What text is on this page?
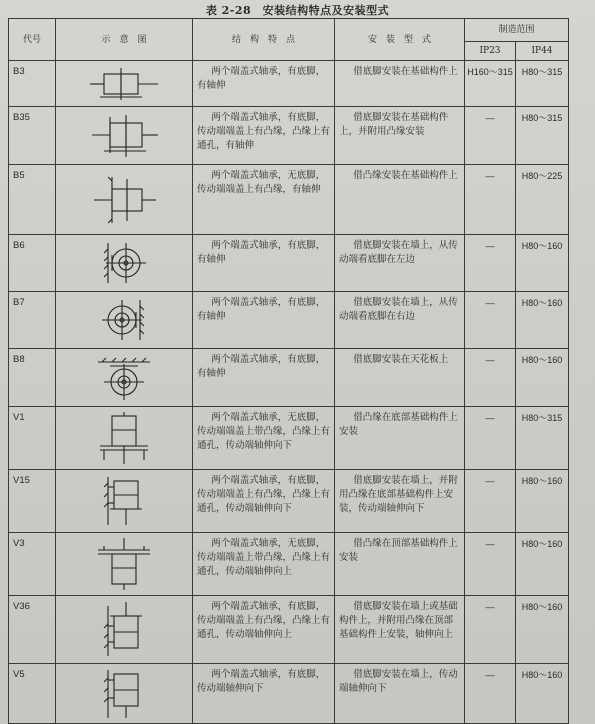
表 2-28　安装结构特点及安装型式
代号	示　意　图	结　构　特　点	安　装　型　式	制造范围	
				IP23	IP44
B3		两个端盖式轴承，有底脚，有轴伸	借底脚安装在基础构件上	H160～315	H80～315
B35		两个端盖式轴承，有底脚，传动端端盖上有凸缘，凸缘上有通孔，有轴伸	借底脚安装在基础构件上，并附用凸缘安装	—	H80～315
B5		两个端盖式轴承，无底脚，传动端端盖上有凸缘，有轴伸	借凸缘安装在基础构件上	—	H80～225
B6		两个端盖式轴承，有底脚，有轴伸	借底脚安装在墙上，从传动端看底脚在左边	—	H80～160
B7		两个端盖式轴承，有底脚，有轴伸	借底脚安装在墙上，从传动端看底脚在右边	—	H80～160
B8		两个端盖式轴承，有底脚，有轴伸	借底脚安装在天花板上	—	H80～160
V1		两个端盖式轴承，无底脚，传动端端盖上带凸缘，凸缘上有通孔，传动端轴伸向下	借凸缘在底部基础构件上安装	—	H80～315
V15		两个端盖式轴承，有底脚，传动端端盖上有凸缘，凸缘上有通孔，传动端轴伸向下	借底脚安装在墙上，并附用凸缘在底部基础构件上安装，传动端轴伸向下	—	H80～160
V3		两个端盖式轴承，无底脚，传动端端盖上带凸缘，凸缘上有通孔，传动端轴伸向上	借凸缘在顶部基础构件上安装	—	H80～160
V36		两个端盖式轴承，有底脚，传动端端盖上有凸缘，凸缘上有通孔，传动端轴伸向上	借底脚安装在墙上或基础构件上，并附用凸缘在顶部基础构件上安装，轴伸向上	—	H80～160
V5		两个端盖式轴承，有底脚，传动端轴伸向下	借底脚安装在墙上，传动端轴伸向下	—	H80～160
